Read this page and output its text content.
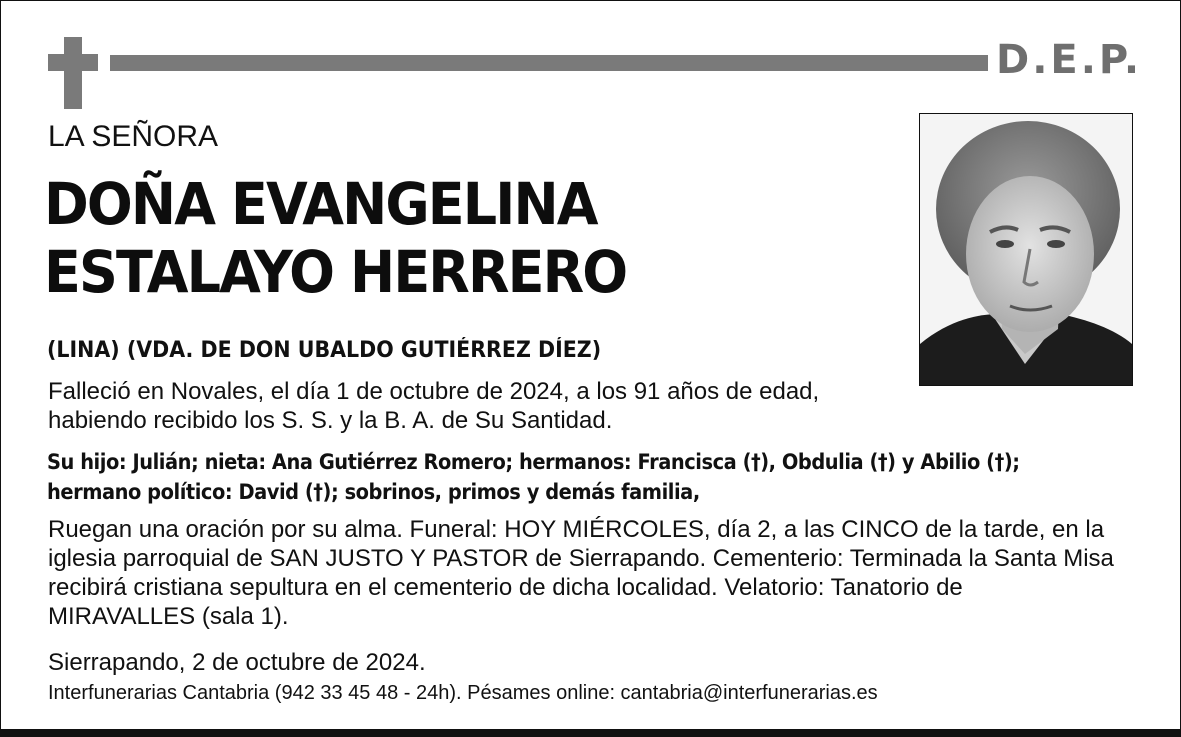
D.E.P.
LA SEÑORA
DOÑA EVANGELINA
ESTALAYO HERRERO
(LINA) (VDA. DE DON UBALDO GUTIÉRREZ DÍEZ)
Falleció en Novales, el día 1 de octubre de 2024, a los 91 años de edad,
habiendo recibido los S. S. y la B. A. de Su Santidad.
Su hijo: Julián; nieta: Ana Gutiérrez Romero; hermanos: Francisca (†), Obdulia (†) y Abilio (†);
hermano político: David (†); sobrinos, primos y demás familia,
Ruegan una oración por su alma. Funeral: HOY MIÉRCOLES, día 2, a las CINCO de la tarde, en la
iglesia parroquial de SAN JUSTO Y PASTOR de Sierrapando. Cementerio: Terminada la Santa Misa
recibirá cristiana sepultura en el cementerio de dicha localidad. Velatorio: Tanatorio de
MIRAVALLES (sala 1).
Sierrapando, 2 de octubre de 2024.
Interfunerarias Cantabria (942 33 45 48 - 24h). Pésames online: cantabria@interfunerarias.es
